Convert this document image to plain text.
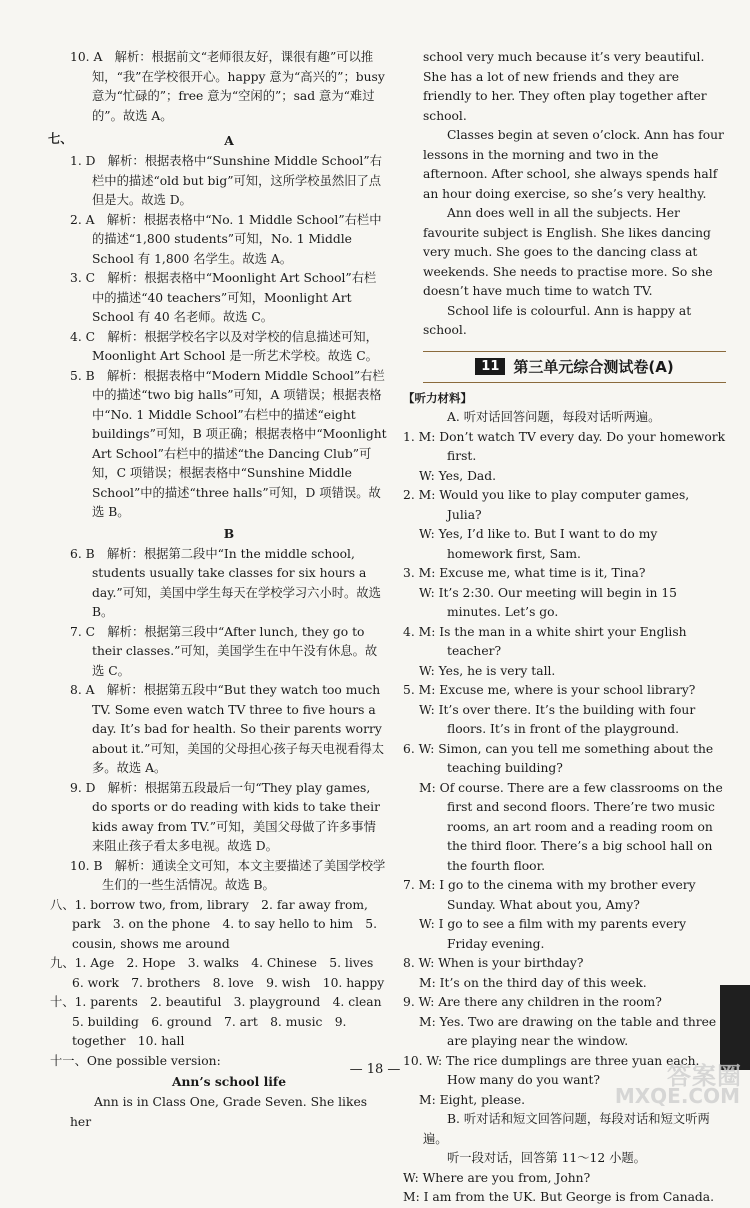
10. A　解析：根据前文“老师很友好，课很有趣”可以推知，“我”在学校很开心。happy 意为“高兴的”；busy 意为“忙碌的”；free 意为“空闲的”；sad 意为“难过的”。故选 A。

七、	A

1. D　解析：根据表格中“Sunshine Middle School”右栏中的描述“old but big”可知，这所学校虽然旧了点但是大。故选 D。

2. A　解析：根据表格中“No. 1 Middle School”右栏中的描述“1,800 students”可知，No. 1 Middle School 有 1,800 名学生。故选 A。

3. C　解析：根据表格中“Moonlight Art School”右栏中的描述“40 teachers”可知，Moonlight Art School 有 40 名老师。故选 C。

4. C　解析：根据学校名字以及对学校的信息描述可知，Moonlight Art School 是一所艺术学校。故选 C。

5. B　解析：根据表格中“Modern Middle School”右栏中的描述“two big halls”可知，A 项错误；根据表格中“No. 1 Middle School”右栏中的描述“eight buildings”可知，B 项正确；根据表格中“Moonlight Art School”右栏中的描述“the Dancing Club”可知，C 项错误；根据表格中“Sunshine Middle School”中的描述“three halls”可知，D 项错误。故选 B。

B

6. B　解析：根据第二段中“In the middle school, students usually take classes for six hours a day.”可知，美国中学生每天在学校学习六小时。故选 B。

7. C　解析：根据第三段中“After lunch, they go to their classes.”可知，美国学生在中午没有休息。故选 C。

8. A　解析：根据第五段中“But they watch too much TV. Some even watch TV three to five hours a day. It’s bad for health. So their parents worry about it.”可知，美国的父母担心孩子每天电视看得太多。故选 A。

9. D　解析：根据第五段最后一句“They play games, do sports or do reading with kids to take their kids away from TV.”可知，美国父母做了许多事情来阻止孩子看太多电视。故选 D。

10. B　解析：通读全文可知，本文主要描述了美国学校学生们的一些生活情况。故选 B。

八、1. borrow two, from, library　2. far away from, park　3. on the phone　4. to say hello to him　5. cousin, shows me around

九、1. Age　2. Hope　3. walks　4. Chinese　5. lives　6. work　7. brothers　8. love　9. wish　10. happy

十、1. parents　2. beautiful　3. playground　4. clean　5. building　6. ground　7. art　8. music　9. together　10. hall

十一、One possible version:

Ann’s school life

Ann is in Class One, Grade Seven. She likes her

school very much because it’s very beautiful. She has a lot of new friends and they are friendly to her. They often play together after school.

Classes begin at seven o’clock. Ann has four lessons in the morning and two in the afternoon. After school, she always spends half an hour doing exercise, so she’s very healthy.

Ann does well in all the subjects. Her favourite subject is English. She likes dancing very much. She goes to the dancing class at weekends. She needs to practise more. So she doesn’t have much time to watch TV.

School life is colourful. Ann is happy at school.

11 第三单元综合测试卷(A)

【听力材料】

A. 听对话回答问题，每段对话听两遍。

1. M: Don’t watch TV every day. Do your homework first.

W: Yes, Dad.

2. M: Would you like to play computer games, Julia?

W: Yes, I’d like to. But I want to do my homework first, Sam.

3. M: Excuse me, what time is it, Tina?

W: It’s 2:30. Our meeting will begin in 15 minutes. Let’s go.

4. M: Is the man in a white shirt your English teacher?

W: Yes, he is very tall.

5. M: Excuse me, where is your school library?

W: It’s over there. It’s the building with four floors. It’s in front of the playground.

6. W: Simon, can you tell me something about the teaching building?

M: Of course. There are a few classrooms on the first and second floors. There’re two music rooms, an art room and a reading room on the third floor. There’s a big school hall on the fourth floor.

7. M: I go to the cinema with my brother every Sunday. What about you, Amy?

W: I go to see a film with my parents every Friday evening.

8. W: When is your birthday?

M: It’s on the third day of this week.

9. W: Are there any children in the room?

M: Yes. Two are drawing on the table and three are playing near the window.

10. W: The rice dumplings are three yuan each. How many do you want?

M: Eight, please.

B. 听对话和短文回答问题，每段对话和短文听两遍。

听一段对话，回答第 11～12 小题。

W: Where are you from, John?

M: I am from the UK. But George is from Canada.

— 18 —	答案圈
MXQE.COM
